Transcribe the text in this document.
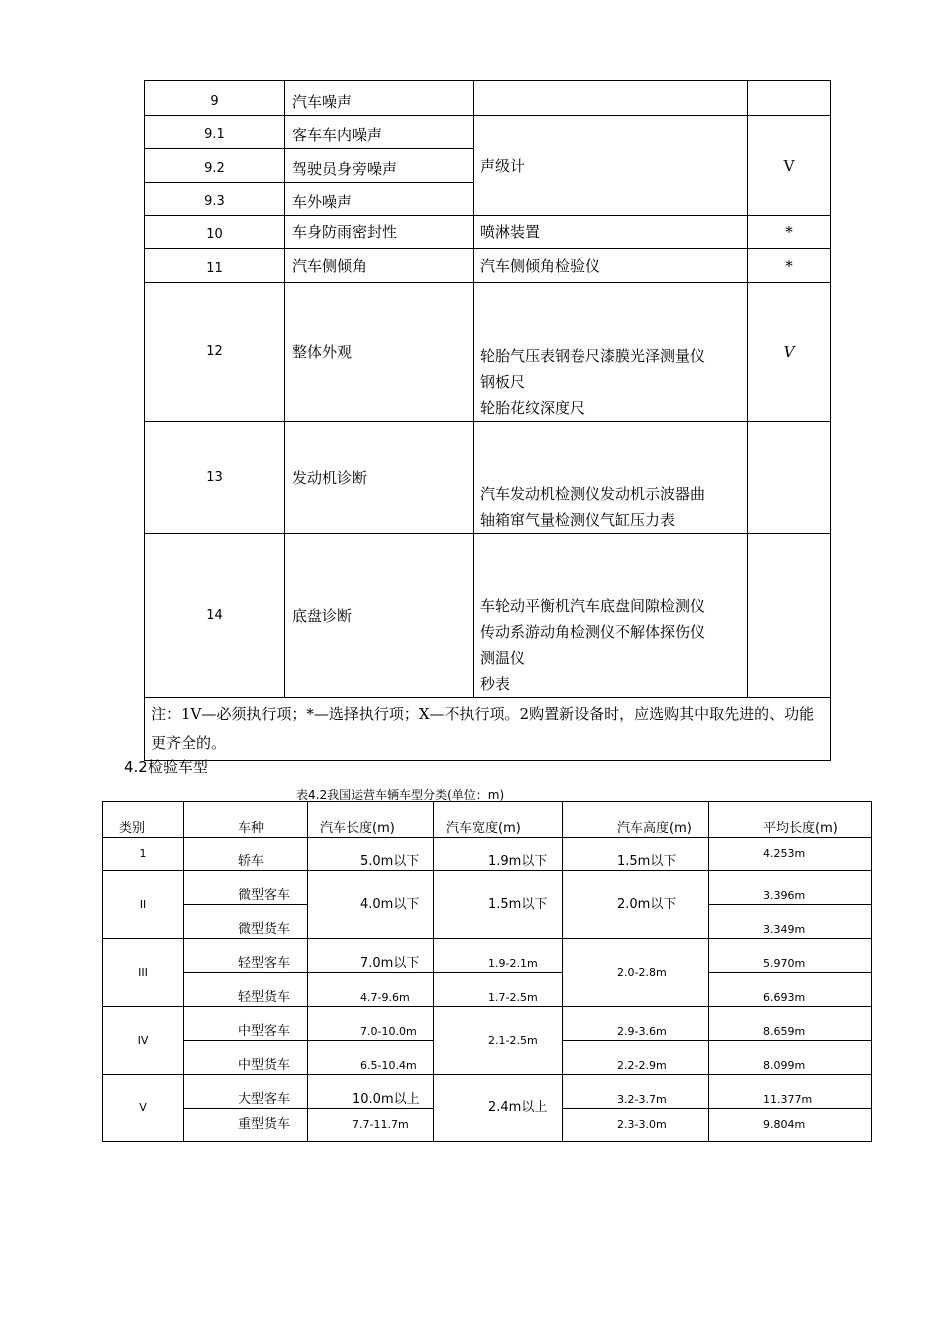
9	汽车噪声		

9.1	客车车内噪声	声级计	V

9.2	驾驶员身旁噪声		

9.3	车外噪声		

10	车身防雨密封性	喷淋装置	*

11	汽车侧倾角	汽车侧倾角检验仪	*
12	整体外观	轮胎气压表钢卷尺漆膜光泽测量仪
钢板尺
轮胎花纹深度尺	V
13	发动机诊断	汽车发动机检测仪发动机示波器曲
轴箱窜气量检测仪气缸压力表	

14	底盘诊断	车轮动平衡机汽车底盘间隙检测仪
传动系游动角检测仪不解体探伤仪
测温仪
秒表	

注：1V—必须执行项；*—选择执行项；X—不执行项。2购置新设备时，应选购其中取先进的、功能更齐全的。			
4.2检验车型
表4.2我国运营车辆车型分类(单位：m)
类别	车种	汽车长度(m)	汽车宽度(m)	汽车高度(m)	平均长度(m)
1	轿车	5.0m以下	1.9m以下	1.5m以下	4.253m
II	微型客车	4.0m以下	1.5m以下	2.0m以下	3.396m
	微型货车				3.349m
III	轻型客车	7.0m以下	1.9-2.1m	2.0-2.8m	5.970m
	轻型货车	4.7-9.6m	1.7-2.5m		6.693m
IV	中型客车	7.0-10.0m	2.1-2.5m	2.9-3.6m	8.659m
	中型货车	6.5-10.4m		2.2-2.9m	8.099m
V	大型客车	10.0m以上	2.4m以上	3.2-3.7m	11.377m
	重型货车	7.7-11.7m		2.3-3.0m	9.804m
